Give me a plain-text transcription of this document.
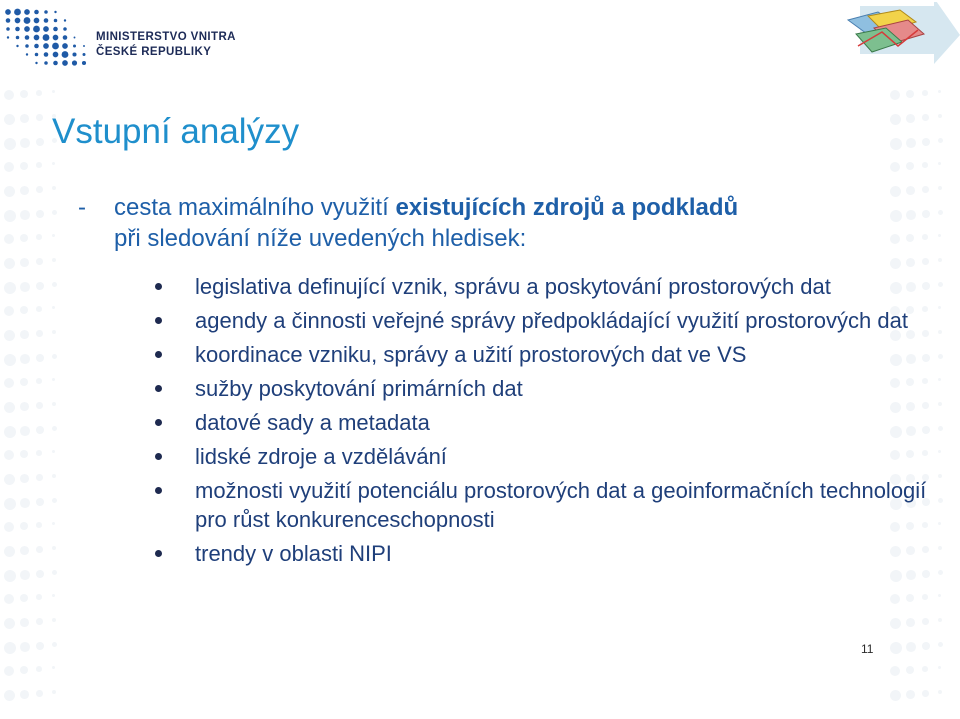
MINISTERSTVO VNITRA
ČESKÉ REPUBLIKY
Vstupní analýzy
- cesta maximálního využití existujících zdrojů a podkladů
při sledování níže uvedených hledisek:
legislativa definující vznik, správu a poskytování prostorových dat
agendy a činnosti veřejné správy předpokládající využití prostorových dat
koordinace vzniku, správy a užití prostorových dat ve VS
sužby poskytování primárních dat
datové sady a metadata
lidské zdroje a vzdělávání
možnosti využití potenciálu prostorových dat a geoinformačních technologií pro růst konkurenceschopnosti
trendy v oblasti NIPI
11
